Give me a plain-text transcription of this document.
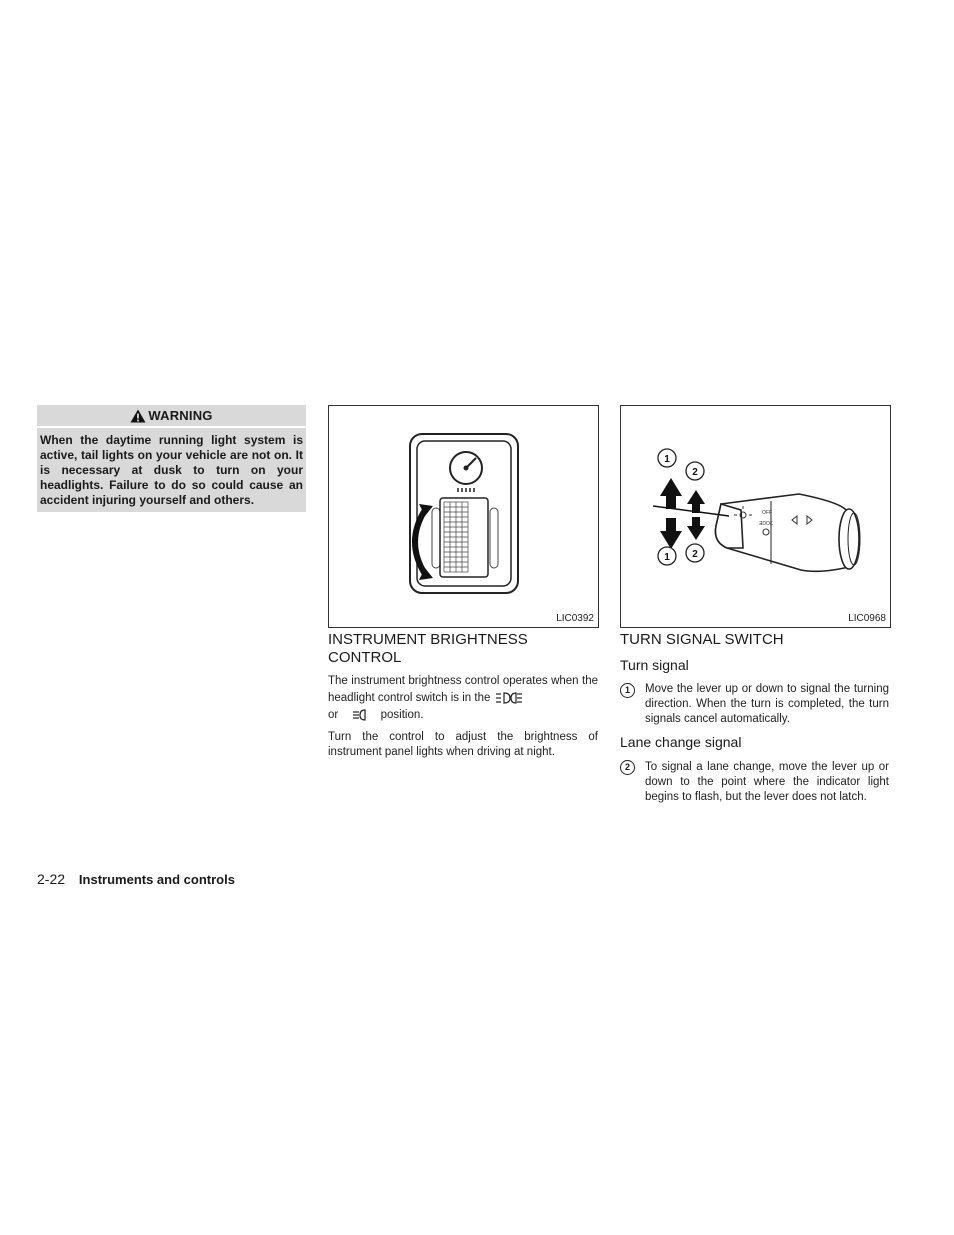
WARNING
When the daytime running light system is active, tail lights on your vehicle are not on. It is necessary at dusk to turn on your headlights. Failure to do so could cause an accident injuring yourself and others.
LIC0392
OFF
ƎDOƐ
1
2
1 2
LIC0968
INSTRUMENT BRIGHTNESS CONTROL
The instrument brightness control operates when the headlight control switch is in the
or	position.
Turn the control to adjust the brightness of instrument panel lights when driving at night.
TURN SIGNAL SWITCH
Turn signal
1	Move the lever up or down to signal the turning direction. When the turn is completed, the turn signals cancel automatically.
Lane change signal
2	To signal a lane change, move the lever up or down to the point where the indicator light begins to flash, but the lever does not latch.
2-22 Instruments and controls
